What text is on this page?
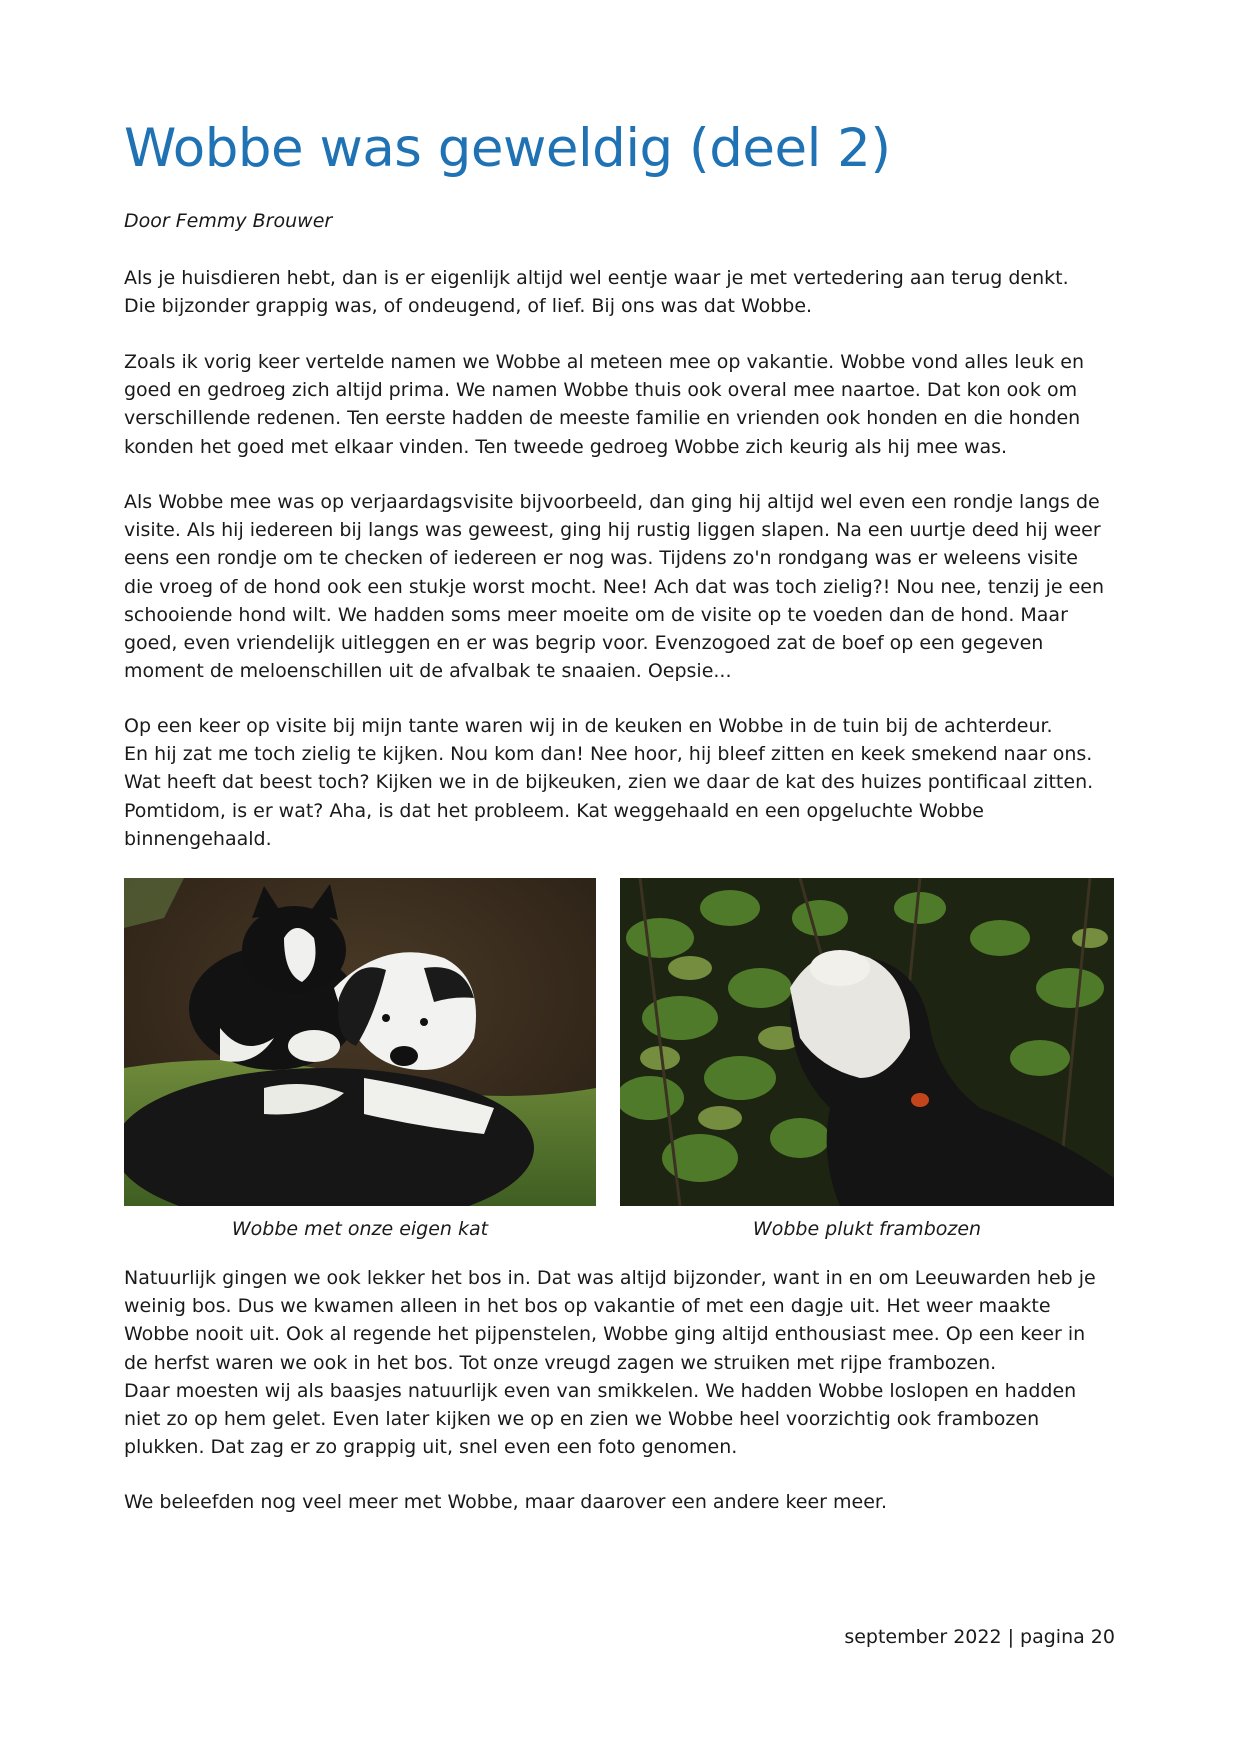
Wobbe was geweldig (deel 2)

Door Femmy Brouwer

Als je huisdieren hebt, dan is er eigenlijk altijd wel eentje waar je met vertedering aan terug denkt.
Die bijzonder grappig was, of ondeugend, of lief. Bij ons was dat Wobbe.

Zoals ik vorig keer vertelde namen we Wobbe al meteen mee op vakantie. Wobbe vond alles leuk en
goed en gedroeg zich altijd prima. We namen Wobbe thuis ook overal mee naartoe. Dat kon ook om
verschillende redenen. Ten eerste hadden de meeste familie en vrienden ook honden en die honden
konden het goed met elkaar vinden. Ten tweede gedroeg Wobbe zich keurig als hij mee was.

Als Wobbe mee was op verjaardagsvisite bijvoorbeeld, dan ging hij altijd wel even een rondje langs de
visite. Als hij iedereen bij langs was geweest, ging hij rustig liggen slapen. Na een uurtje deed hij weer
eens een rondje om te checken of iedereen er nog was. Tijdens zo'n rondgang was er weleens visite
die vroeg of de hond ook een stukje worst mocht. Nee! Ach dat was toch zielig?! Nou nee, tenzij je een
schooiende hond wilt. We hadden soms meer moeite om de visite op te voeden dan de hond. Maar
goed, even vriendelijk uitleggen en er was begrip voor. Evenzogoed zat de boef op een gegeven
moment de meloenschillen uit de afvalbak te snaaien. Oepsie...

Op een keer op visite bij mijn tante waren wij in de keuken en Wobbe in de tuin bij de achterdeur.
En hij zat me toch zielig te kijken. Nou kom dan! Nee hoor, hij bleef zitten en keek smekend naar ons.
Wat heeft dat beest toch? Kijken we in de bijkeuken, zien we daar de kat des huizes pontificaal zitten.
Pomtidom, is er wat? Aha, is dat het probleem. Kat weggehaald en een opgeluchte Wobbe
binnengehaald.

Wobbe met onze eigen kat	Wobbe plukt frambozen

Natuurlijk gingen we ook lekker het bos in. Dat was altijd bijzonder, want in en om Leeuwarden heb je
weinig bos. Dus we kwamen alleen in het bos op vakantie of met een dagje uit. Het weer maakte
Wobbe nooit uit. Ook al regende het pijpenstelen, Wobbe ging altijd enthousiast mee. Op een keer in
de herfst waren we ook in het bos. Tot onze vreugd zagen we struiken met rijpe frambozen.
Daar moesten wij als baasjes natuurlijk even van smikkelen. We hadden Wobbe loslopen en hadden
niet zo op hem gelet. Even later kijken we op en zien we Wobbe heel voorzichtig ook frambozen
plukken. Dat zag er zo grappig uit, snel even een foto genomen.

We beleefden nog veel meer met Wobbe, maar daarover een andere keer meer.

september 2022 | pagina 20
